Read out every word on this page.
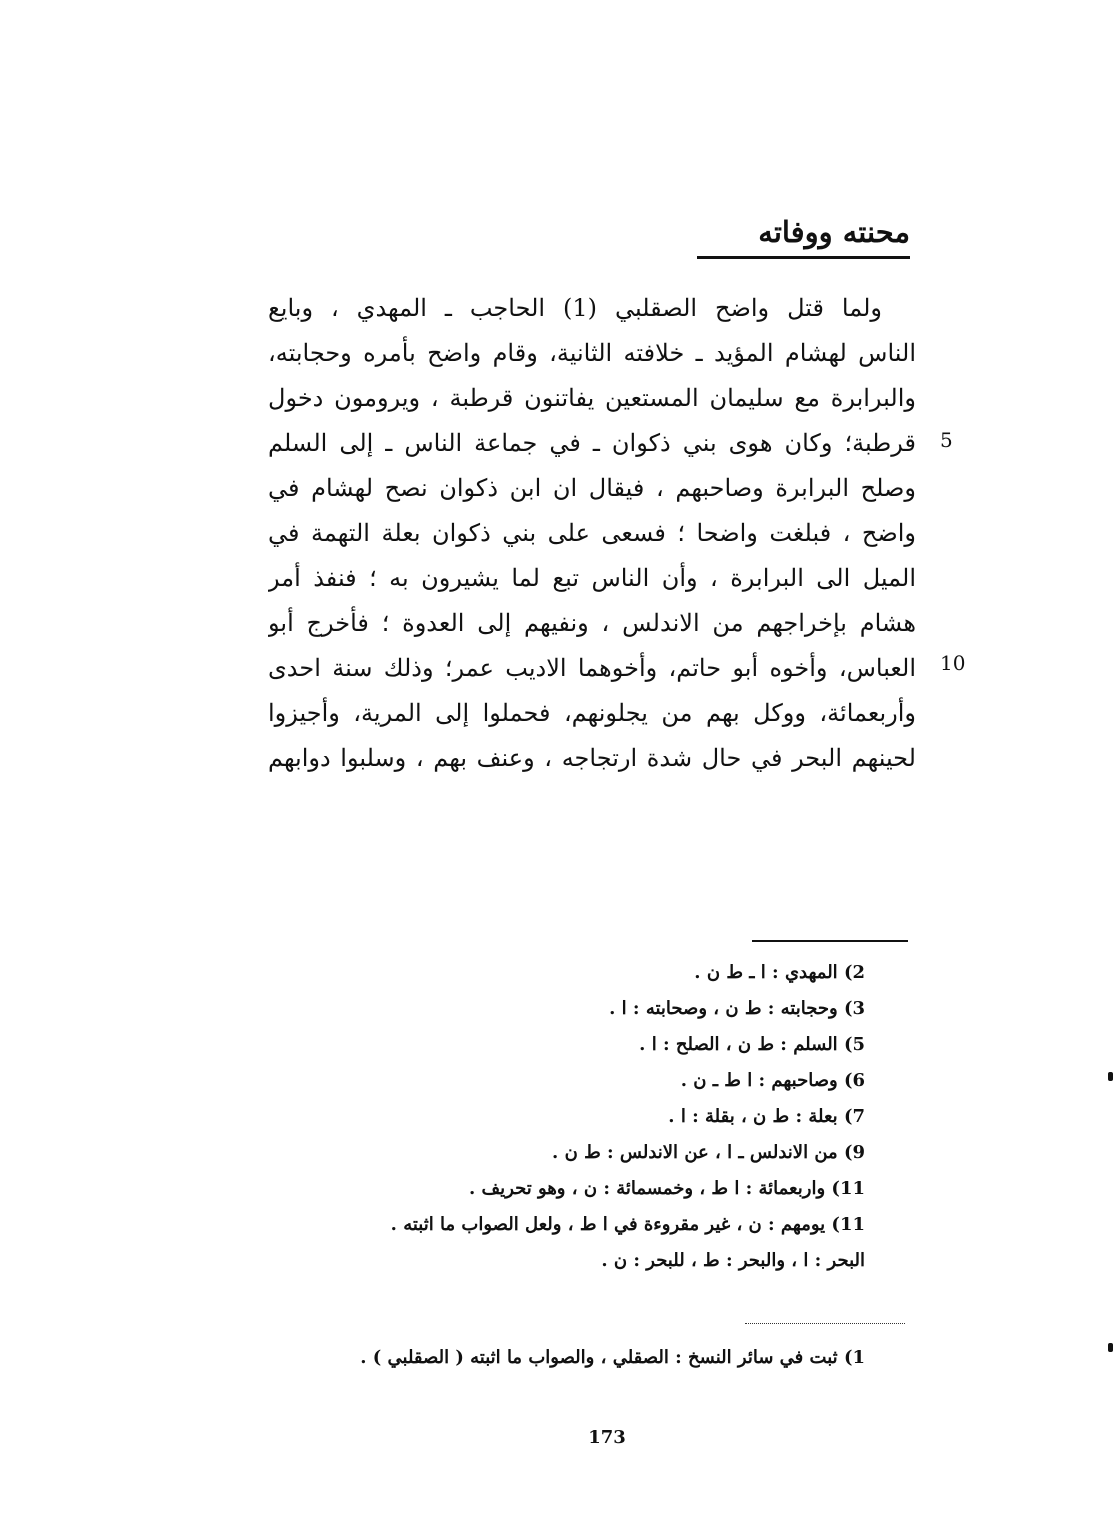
محنته ووفاته
ولما قتل واضح الصقلبي (1) الحاجب ـ المهدي ، وبايع
الناس لهشام المؤيد ـ خلافته الثانية، وقام واضح بأمره وحجابته،
والبرابرة مع سليمان المستعين يفاتنون قرطبة ، ويرومون دخول
قرطبة؛ وكان هوى بني ذكوان ـ في جماعة الناس ـ إلى السلم
وصلح البرابرة وصاحبهم ، فيقال ان ابن ذكوان نصح لهشام في
واضح ، فبلغت واضحا ؛ فسعى على بني ذكوان بعلة التهمة في
الميل الى البرابرة ، وأن الناس تبع لما يشيرون به ؛ فنفذ أمر
هشام بإخراجهم من الاندلس ، ونفيهم إلى العدوة ؛ فأخرج أبو
العباس، وأخوه أبو حاتم، وأخوهما الاديب عمر؛ وذلك سنة احدى
وأربعمائة، ووكل بهم من يجلونهم، فحملوا إلى المرية، وأجيزوا
لحينهم البحر في حال شدة ارتجاجه ، وعنف بهم ، وسلبوا دوابهم
5
10
2) المهدي : ا ـ ط ن .
3) وحجابته : ط ن ، وصحابته : ا .
5) السلم : ط ن ، الصلح : ا .
6) وصاحبهم : ا ط ـ ن .
7) بعلة : ط ن ، بقلة : ا .
9) من الاندلس ـ ا ، عن الاندلس : ط ن .
11) واربعمائة : ا ط ، وخمسمائة : ن ، وهو تحريف .
11) يومهم : ن ، غير مقروءة في ا ط ، ولعل الصواب ما اثبته .
البحر : ا ، والبحر : ط ، للبحر : ن .
1) ثبت في سائر النسخ : الصقلي ، والصواب ما اثبته ( الصقلبي ) .
173
